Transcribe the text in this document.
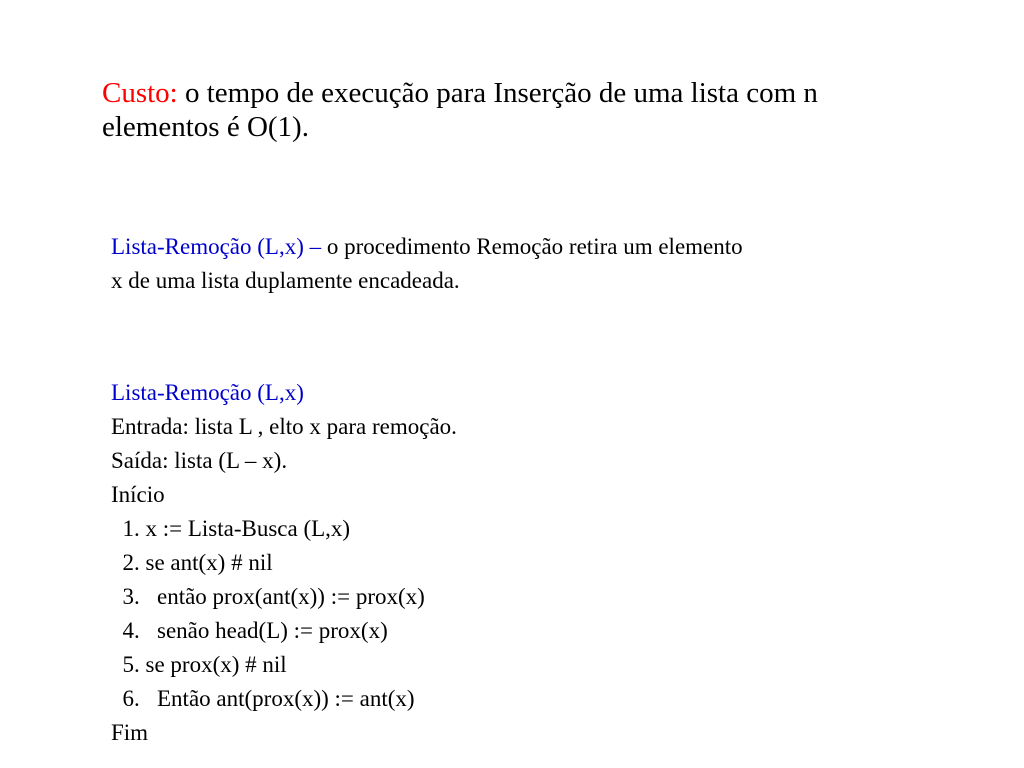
Custo: o tempo de execução para Inserção de uma lista com n
elementos é O(1).
Lista-Remoção (L,x) – o procedimento Remoção retira um elemento
x de uma lista duplamente encadeada.
Lista-Remoção (L,x)
Entrada: lista L , elto x para remoção.
Saída: lista (L – x).
Início
1. x := Lista-Busca (L,x)
2. se ant(x) # nil
3.   então prox(ant(x)) := prox(x)
4.   senão head(L) := prox(x)
5. se prox(x) # nil
6.   Então ant(prox(x)) := ant(x)
Fim
